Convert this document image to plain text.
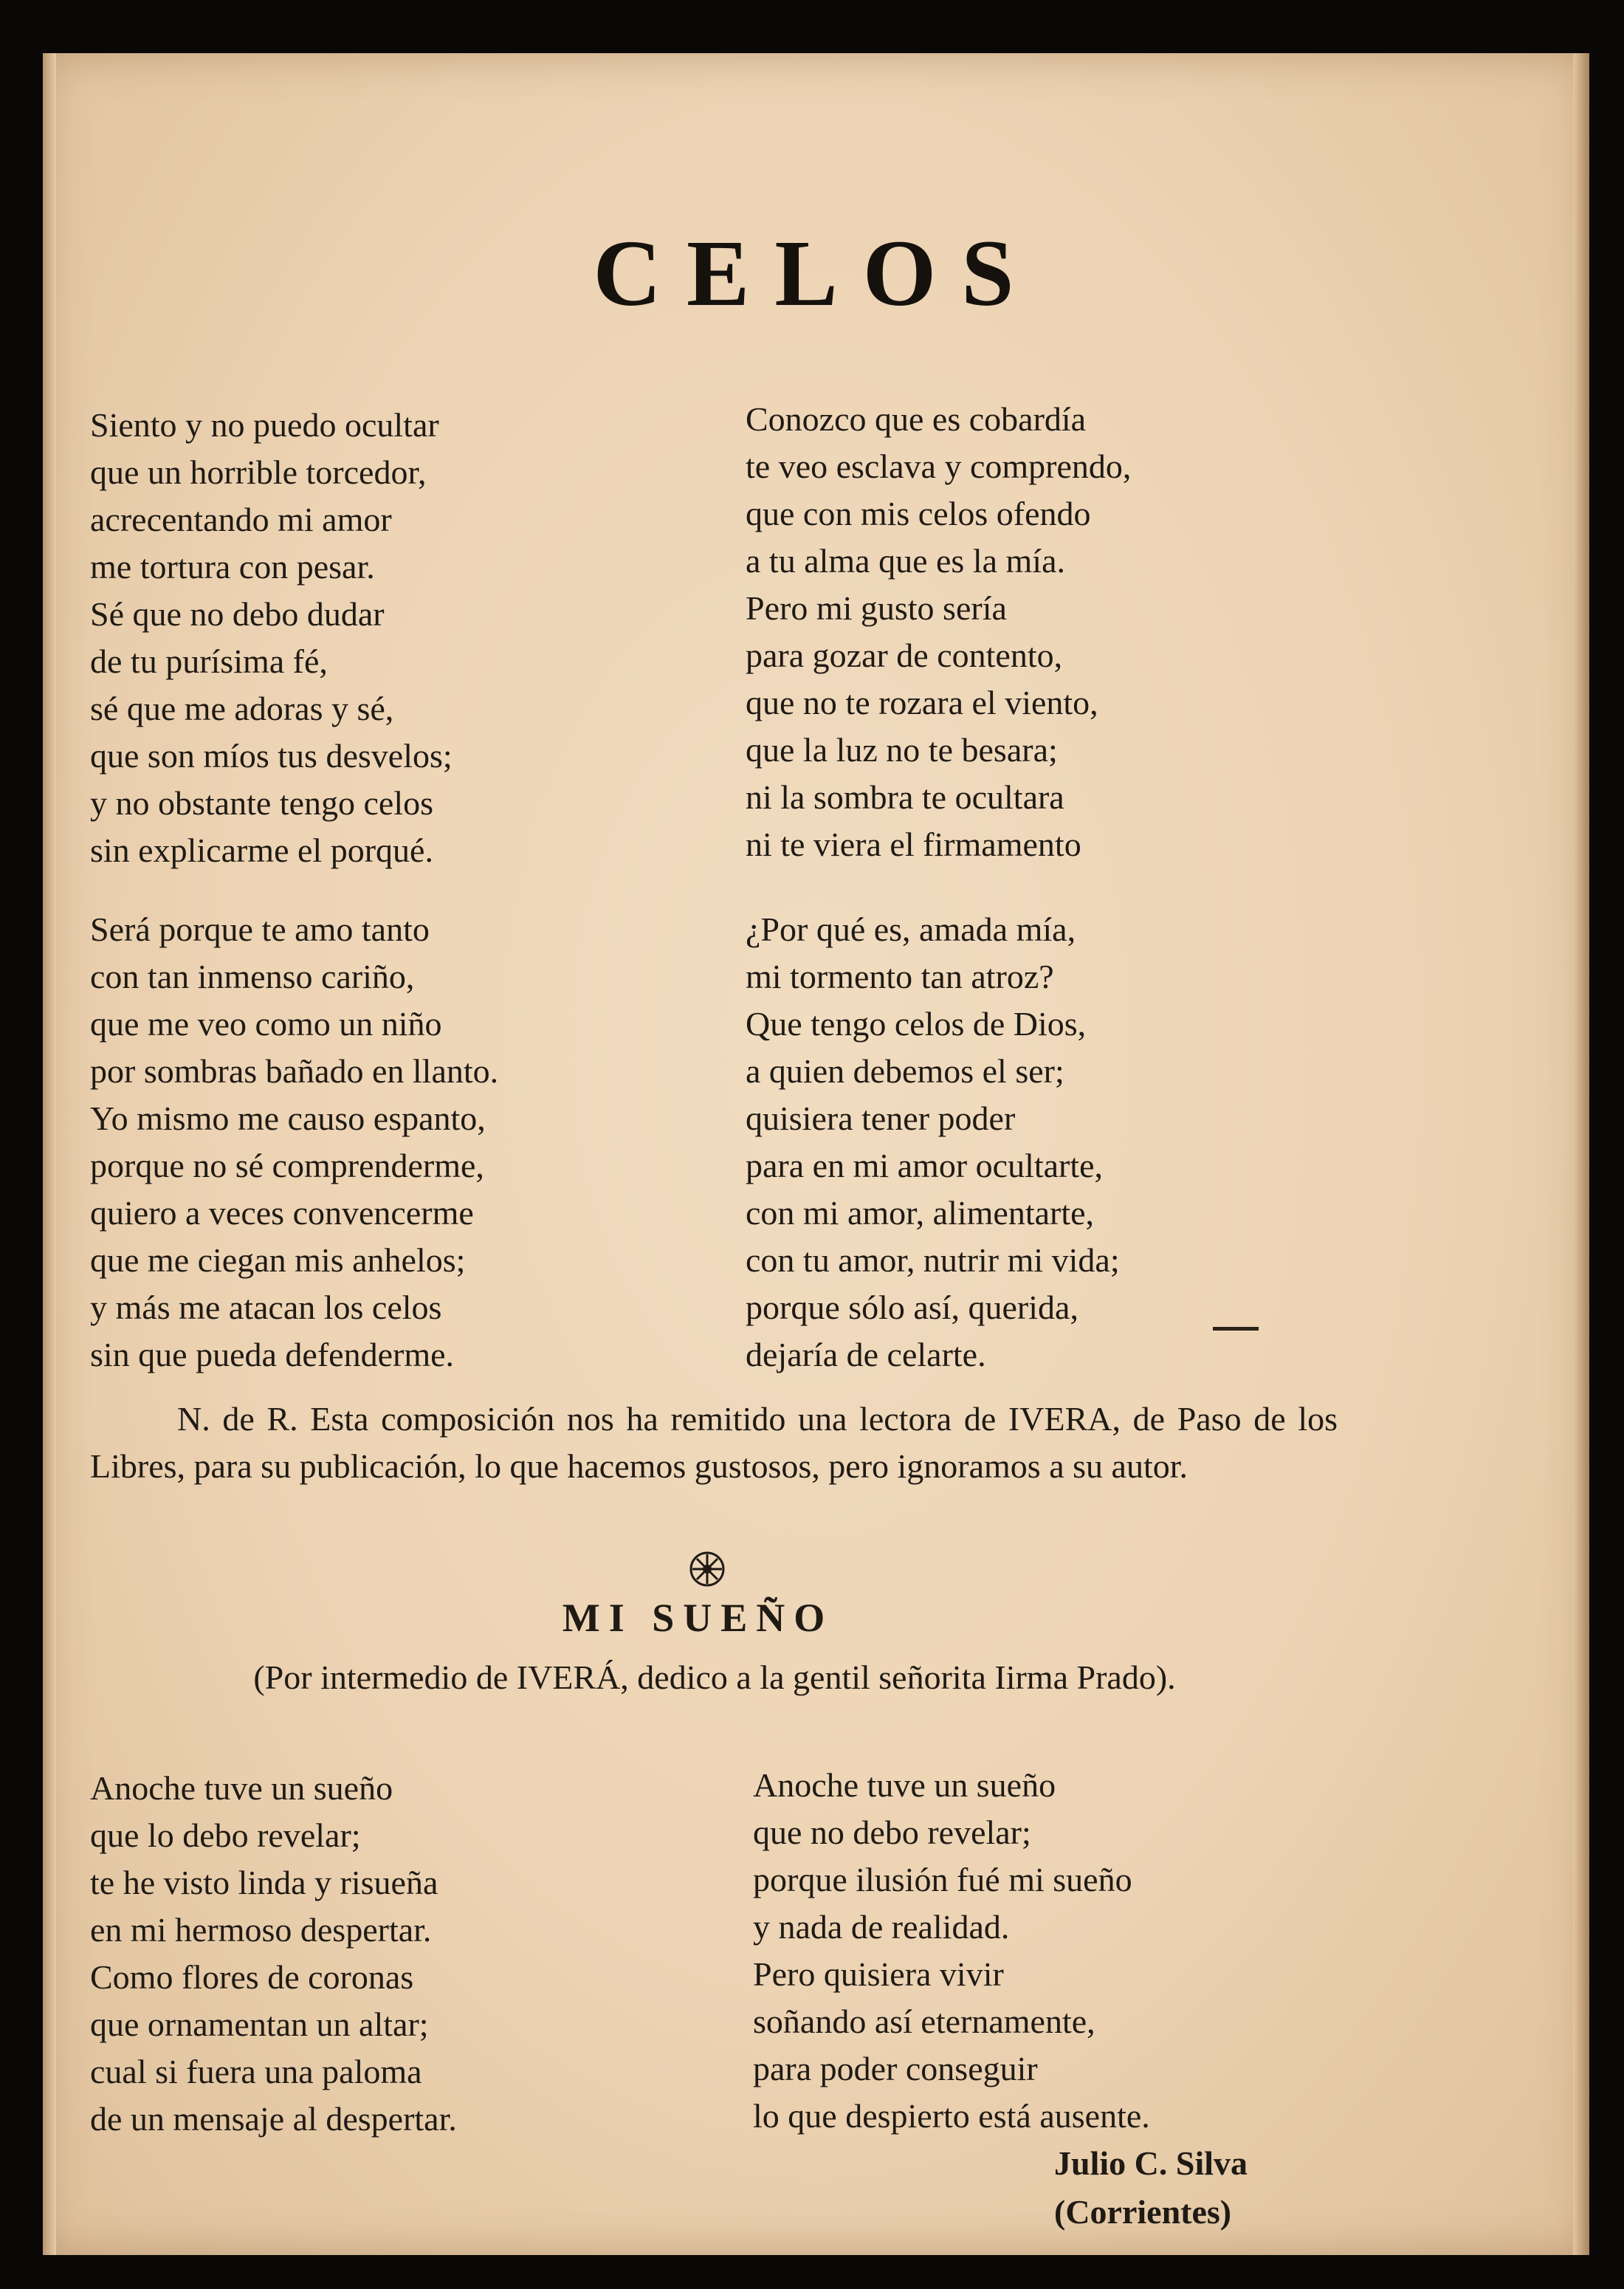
CELOS
Siento y no puedo ocultar
que un horrible torcedor,
acrecentando mi amor
me tortura con pesar.
Sé que no debo dudar
de tu purísima fé,
sé que me adoras y sé,
que son míos tus desvelos;
y no obstante tengo celos
sin explicarme el porqué.
Conozco que es cobardía
te veo esclava y comprendo,
que con mis celos ofendo
a tu alma que es la mía.
Pero mi gusto sería
para gozar de contento,
que no te rozara el viento,
que la luz no te besara;
ni la sombra te ocultara
ni te viera el firmamento
Será porque te amo tanto
con tan inmenso cariño,
que me veo como un niño
por sombras bañado en llanto.
Yo mismo me causo espanto,
porque no sé comprenderme,
quiero a veces convencerme
que me ciegan mis anhelos;
y más me atacan los celos
sin que pueda defenderme.
¿Por qué es, amada mía,
mi tormento tan atroz?
Que tengo celos de Dios,
a quien debemos el ser;
quisiera tener poder
para en mi amor ocultarte,
con mi amor, alimentarte,
con tu amor, nutrir mi vida;
porque sólo así, querida,
dejaría de celarte.

N. de R. Esta composición nos ha remitido una lectora de IVERA, de Paso de los Libres, para su publicación, lo que hacemos gustosos, pero ignoramos a su autor.

MI SUEÑO

(Por intermedio de IVERÁ, dedico a la gentil señorita Iirma Prado).

Anoche tuve un sueño
que lo debo revelar;
te he visto linda y risueña
en mi hermoso despertar.
Como flores de coronas
que ornamentan un altar;
cual si fuera una paloma
de un mensaje al despertar.
Anoche tuve un sueño
que no debo revelar;
porque ilusión fué mi sueño
y nada de realidad.
Pero quisiera vivir
soñando así eternamente,
para poder conseguir
lo que despierto está ausente.

Julio C. Silva
(Corrientes)
